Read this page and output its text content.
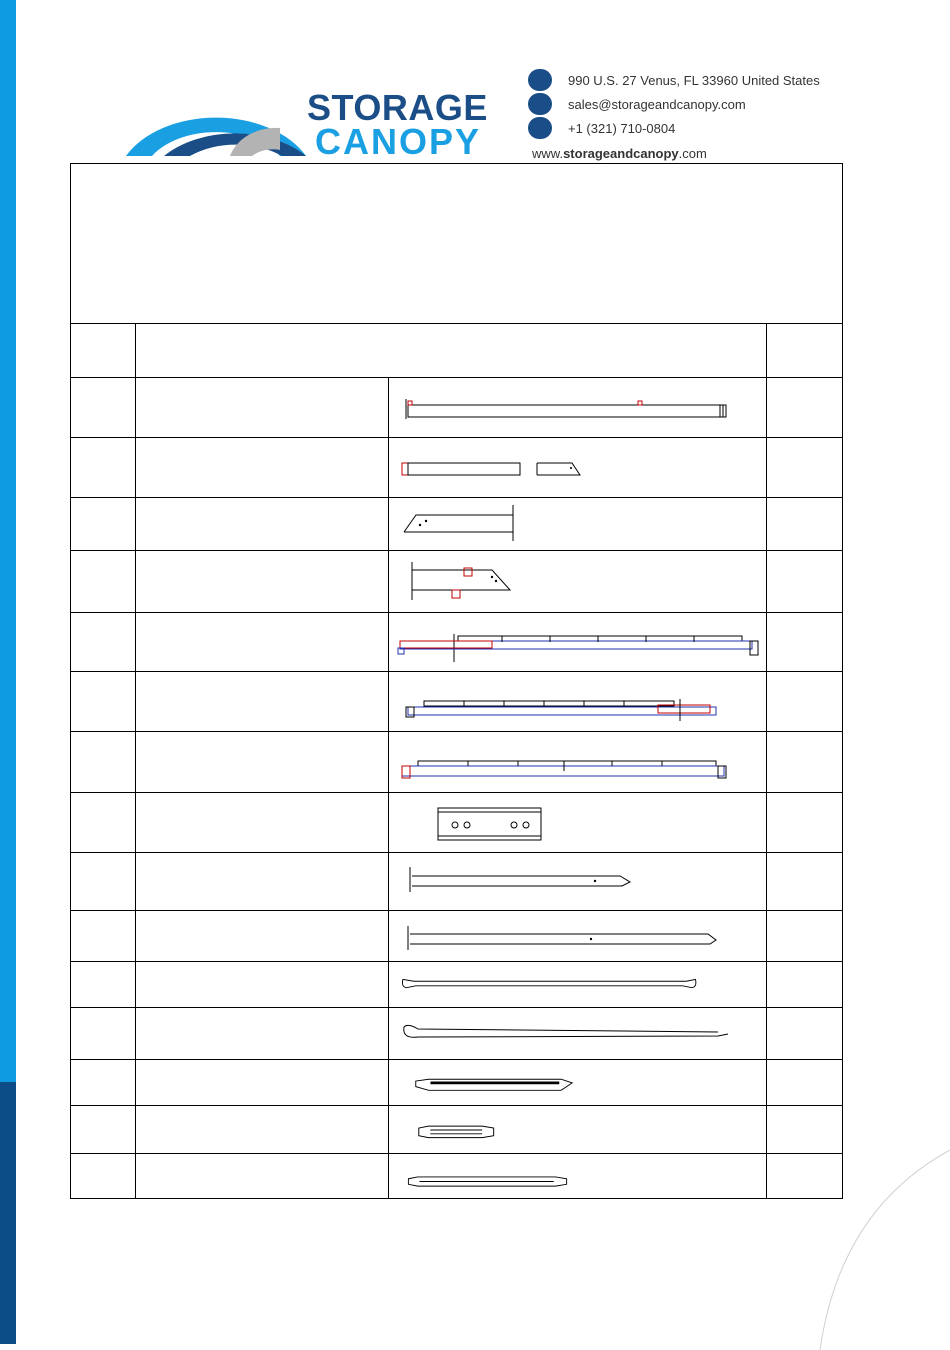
STORAGE
CANOPY
990 U.S. 27 Venus, FL 33960 United States
sales@storageandcanopy.com
+1 (321) 710-0804
www.storageandcanopy.com
